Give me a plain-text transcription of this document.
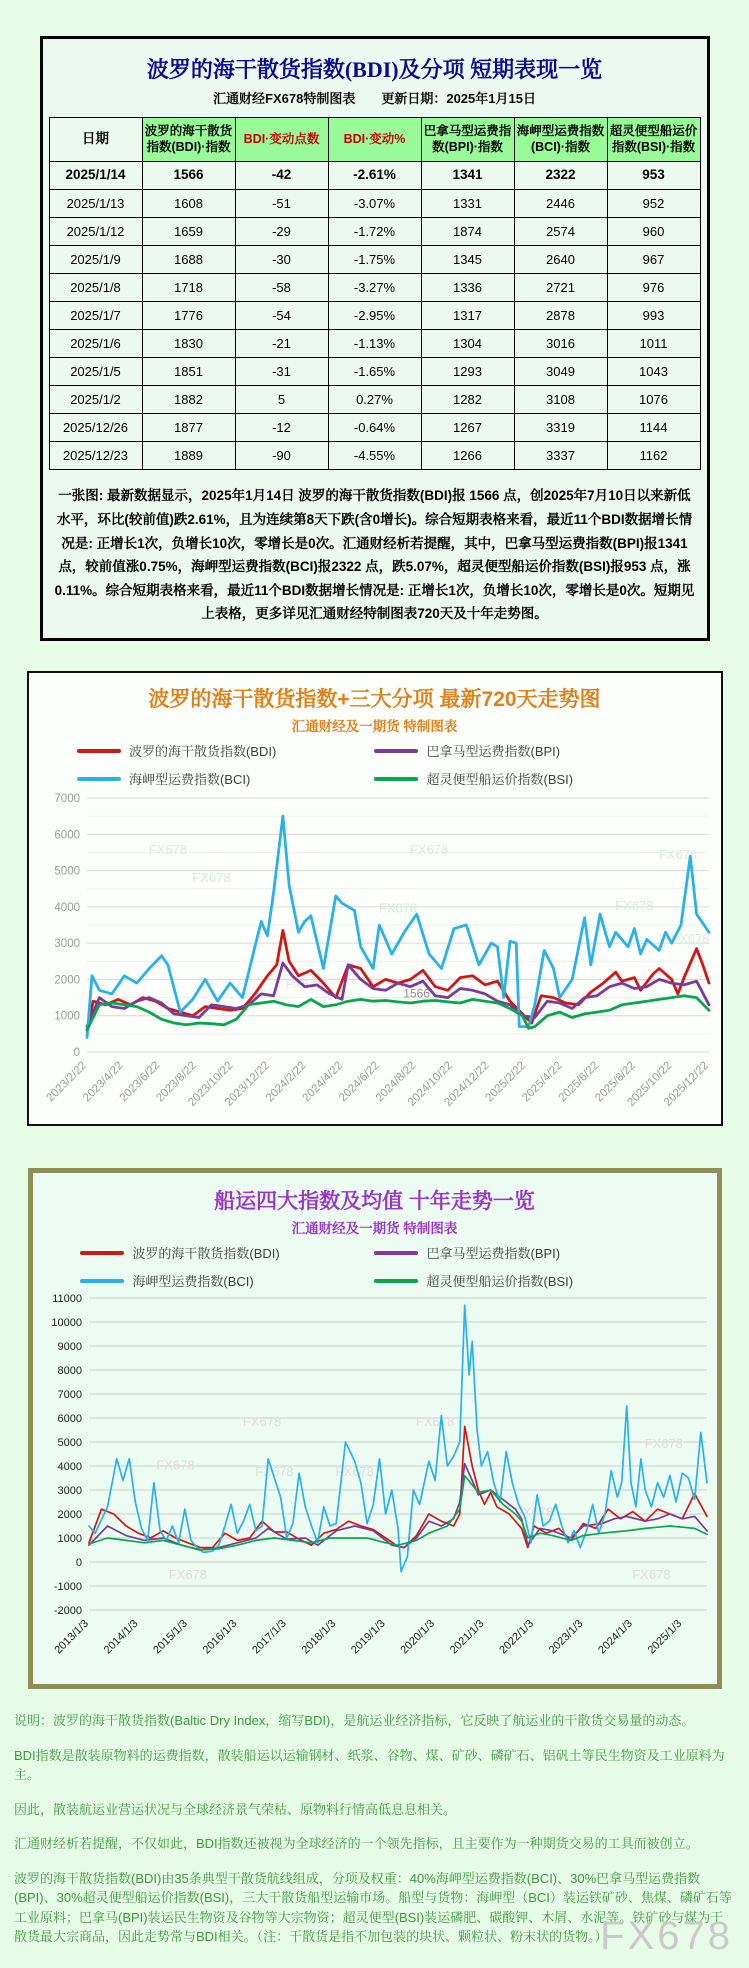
波罗的海干散货指数(BDI)及分项 短期表现一览
汇通财经FX678特制图表 更新日期：2025年1月15日
日期	波罗的海干散货指数(BDI)·指数	BDI·变动点数	BDI·变动%	巴拿马型运费指数(BPI)·指数	海岬型运费指数(BCI)·指数	超灵便型船运价指数(BSI)·指数
2025/1/14	1566	-42	-2.61%	1341	2322	953
2025/1/13	1608	-51	-3.07%	1331	2446	952
2025/1/12	1659	-29	-1.72%	1874	2574	960
2025/1/9	1688	-30	-1.75%	1345	2640	967
2025/1/8	1718	-58	-3.27%	1336	2721	976
2025/1/7	1776	-54	-2.95%	1317	2878	993
2025/1/6	1830	-21	-1.13%	1304	3016	1011
2025/1/5	1851	-31	-1.65%	1293	3049	1043
2025/1/2	1882	5	0.27%	1282	3108	1076
2025/12/26	1877	-12	-0.64%	1267	3319	1144
2025/12/23	1889	-90	-4.55%	1266	3337	1162
一张图: 最新数据显示，2025年1月14日 波罗的海干散货指数(BDI)报 1566 点，创2025年7月10日以来新低水平，环比(较前值)跌2.61%，且为连续第8天下跌(含0增长)。综合短期表格来看，最近11个BDI数据增长情况是: 正增长1次，负增长10次，零增长是0次。汇通财经析若提醒，其中，巴拿马型运费指数(BPI)报1341 点，较前值涨0.75%，海岬型运费指数(BCI)报2322 点，跌5.07%，超灵便型船运价指数(BSI)报953 点，涨0.11%。综合短期表格来看，最近11个BDI数据增长情况是: 正增长1次，负增长10次，零增长是0次。短期见上表格，更多详见汇通财经特制图表720天及十年走势图。
波罗的海干散货指数+三大分项 最新720天走势图
汇通财经及一期货 特制图表
波罗的海干散货指数(BDI)	巴拿马型运费指数(BPI)
海岬型运费指数(BCI)	超灵便型船运价指数(BSI)
0
1000
2000
3000
4000
5000
6000
7000
FX678	FX678	FX678
FX678
FX678	FX678
FX678
FX678
FX678
2023/2/22
2023/4/22
2023/6/22
2023/8/22
2023/10/22
2023/12/22
2024/2/22
2024/4/22
2024/6/22
2024/8/22
2024/10/22
2024/12/22
2025/2/22
2025/4/22
2025/6/22
2025/8/22
2025/10/22
2025/12/22
1566
船运四大指数及均值 十年走势一览
汇通财经及一期货 特制图表
波罗的海干散货指数(BDI)	巴拿马型运费指数(BPI)
海岬型运费指数(BCI)	超灵便型船运价指数(BSI)
-2000
-1000
0
1000
2000
3000
4000
5000
6000
7000
8000
9000
10000
11000
FX678	FX678
FX678	FX678	FX678
FX678
FX678
FX678	FX678
2013/1/3 2014/1/3 2015/1/3 2016/1/3 2017/1/3 2018/1/3 2019/1/3 2020/1/3 2021/1/3 2022/1/3 2023/1/3 2024/1/3 2025/1/3

说明：波罗的海干散货指数(Baltic Dry Index，缩写BDI)，是航运业经济指标，它反映了航运业的干散货交易量的动态。

BDI指数是散装原物料的运费指数，散装船运以运输钢材、纸浆、谷物、煤、矿砂、磷矿石、铝矾土等民生物资及工业原料为主。

因此，散装航运业营运状况与全球经济景气荣枯、原物料行情高低息息相关。

汇通财经析若提醒，不仅如此，BDI指数还被视为全球经济的一个领先指标，且主要作为一种期货交易的工具而被创立。

波罗的海干散货指数(BDI)由35条典型干散货航线组成，分项及权重：40%海岬型运费指数(BCI)、30%巴拿马型运费指数(BPI)、30%超灵便型船运价指数(BSI)，三大干散货船型运输市场。船型与货物：海岬型（BCI）装运铁矿砂、焦煤、磷矿石等工业原料；巴拿马(BPI)装运民生物资及谷物等大宗物资；超灵便型(BSI)装运磷肥、碳酸钾、木屑、水泥等。铁矿砂与煤为干散货最大宗商品，因此走势常与BDI相关。（注：干散货是指不加包装的块状、颗粒状、粉末状的货物。）

FX678
